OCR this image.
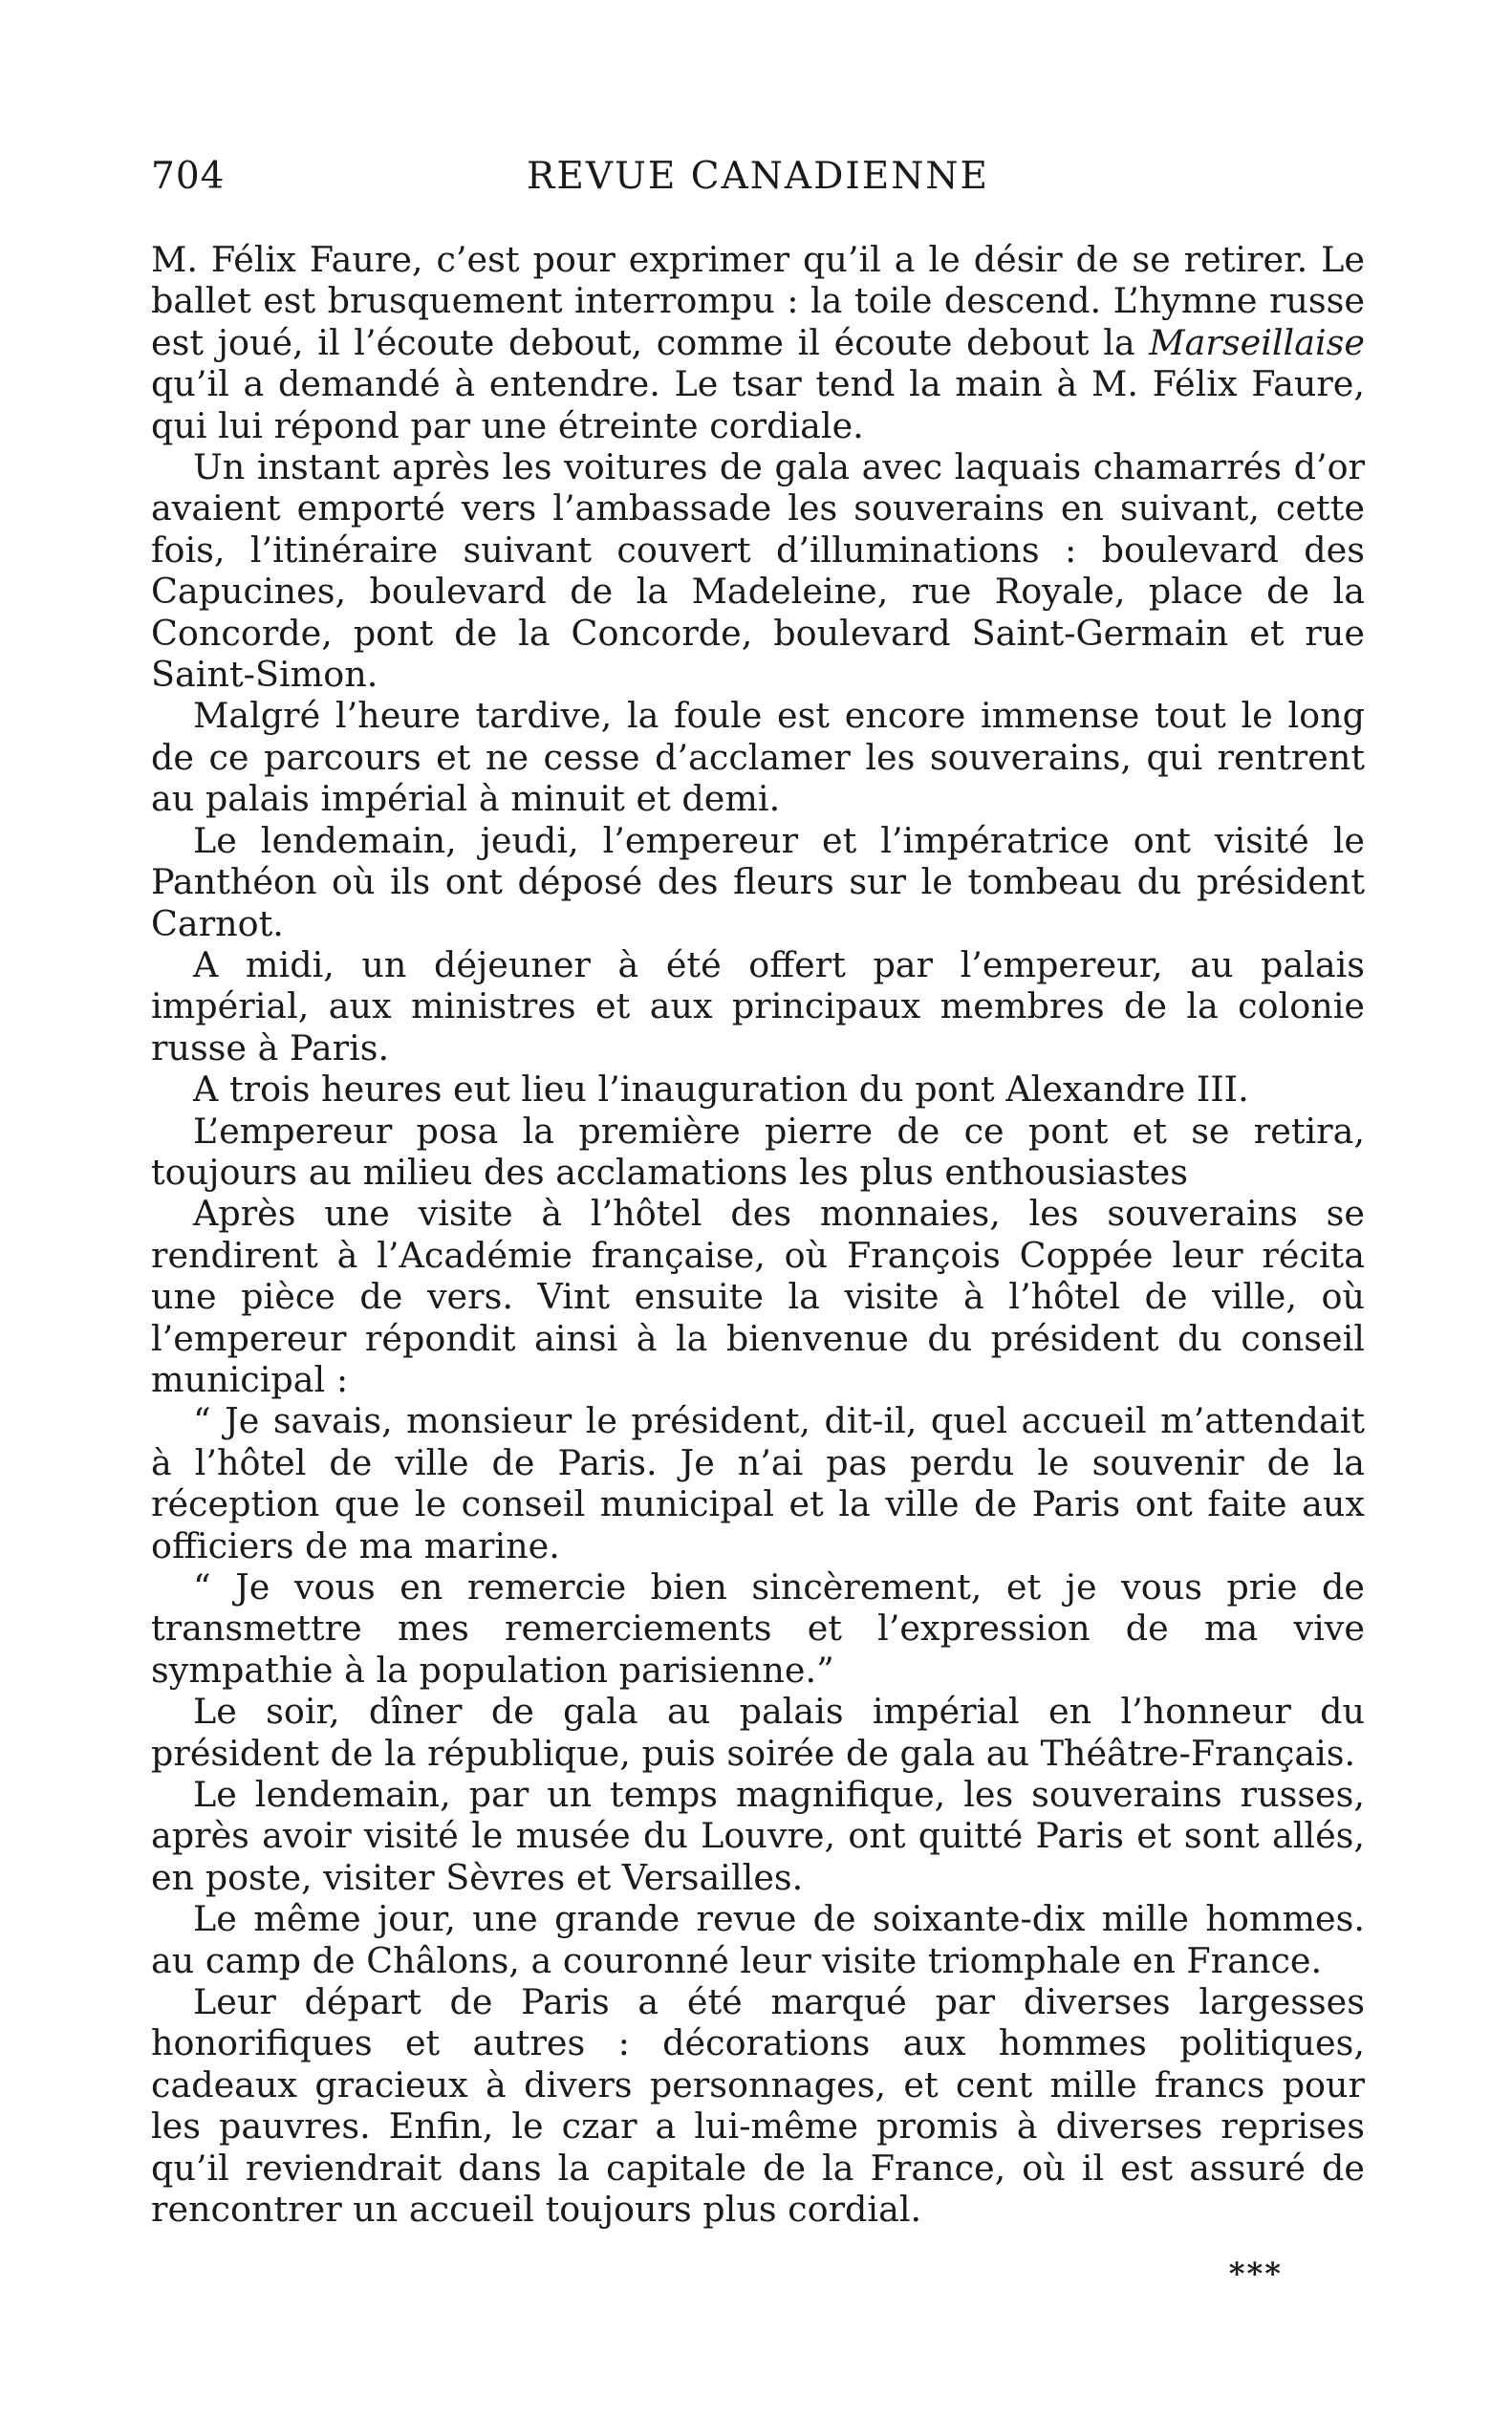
704	REVUE CANADIENNE

M. Félix Faure, c’est pour exprimer qu’il a le désir de se retirer. Le ballet est brusquement interrompu : la toile descend. L’hymne russe est joué, il l’écoute debout, comme il écoute debout la Marseillaise qu’il a demandé à entendre. Le tsar tend la main à M. Félix Faure, qui lui répond par une étreinte cordiale.

Un instant après les voitures de gala avec laquais chamarrés d’or avaient emporté vers l’ambassade les souverains en suivant, cette fois, l’itinéraire suivant couvert d’illuminations : boulevard des Capucines, boulevard de la Madeleine, rue Royale, place de la Concorde, pont de la Concorde, boulevard Saint-Germain et rue Saint-Simon.

Malgré l’heure tardive, la foule est encore immense tout le long de ce parcours et ne cesse d’acclamer les souverains, qui rentrent au palais impérial à minuit et demi.

Le lendemain, jeudi, l’empereur et l’impératrice ont visité le Panthéon où ils ont déposé des fleurs sur le tombeau du président Carnot.

A midi, un déjeuner à été offert par l’empereur, au palais impérial, aux ministres et aux principaux membres de la colonie russe à Paris.

A trois heures eut lieu l’inauguration du pont Alexandre III.

L’empereur posa la première pierre de ce pont et se retira, toujours au milieu des acclamations les plus enthousiastes

Après une visite à l’hôtel des monnaies, les souverains se rendirent à l’Académie française, où François Coppée leur récita une pièce de vers. Vint ensuite la visite à l’hôtel de ville, où l’empereur répondit ainsi à la bienvenue du président du conseil municipal :

“ Je savais, monsieur le président, dit-il, quel accueil m’attendait à l’hôtel de ville de Paris. Je n’ai pas perdu le souvenir de la réception que le conseil municipal et la ville de Paris ont faite aux officiers de ma marine.

“ Je vous en remercie bien sincèrement, et je vous prie de transmettre mes remerciements et l’expression de ma vive sympathie à la population parisienne.”

Le soir, dîner de gala au palais impérial en l’honneur du président de la république, puis soirée de gala au Théâtre-Français.

Le lendemain, par un temps magnifique, les souverains russes, après avoir visité le musée du Louvre, ont quitté Paris et sont allés, en poste, visiter Sèvres et Versailles.

Le même jour, une grande revue de soixante-dix mille hommes. au camp de Châlons, a couronné leur visite triomphale en France.

Leur départ de Paris a été marqué par diverses largesses honorifiques et autres : décorations aux hommes politiques, cadeaux gracieux à divers personnages, et cent mille francs pour les pauvres. Enfin, le czar a lui-même promis à diverses reprises qu’il reviendrait dans la capitale de la France, où il est assuré de rencontrer un accueil toujours plus cordial.

***
